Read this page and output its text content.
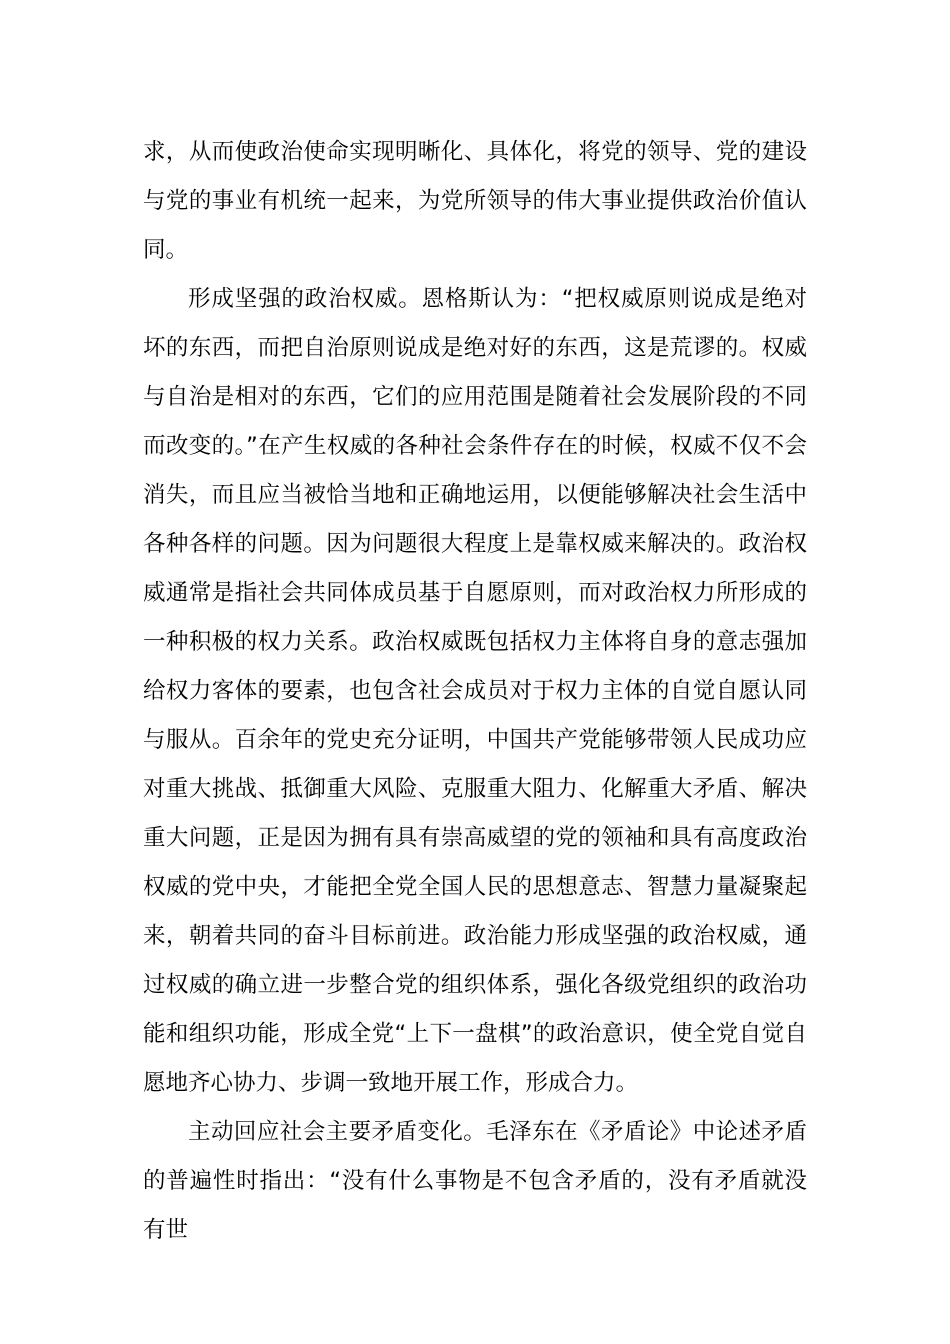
求，从而使政治使命实现明晰化、具体化，将党的领导、党的建设与党的事业有机统一起来，为党所领导的伟大事业提供政治价值认同。

形成坚强的政治权威。恩格斯认为：“把权威原则说成是绝对坏的东西，而把自治原则说成是绝对好的东西，这是荒谬的。权威与自治是相对的东西，它们的应用范围是随着社会发展阶段的不同而改变的。”在产生权威的各种社会条件存在的时候，权威不仅不会消失，而且应当被恰当地和正确地运用，以便能够解决社会生活中各种各样的问题。因为问题很大程度上是靠权威来解决的。政治权威通常是指社会共同体成员基于自愿原则，而对政治权力所形成的一种积极的权力关系。政治权威既包括权力主体将自身的意志强加给权力客体的要素，也包含社会成员对于权力主体的自觉自愿认同与服从。百余年的党史充分证明，中国共产党能够带领人民成功应对重大挑战、抵御重大风险、克服重大阻力、化解重大矛盾、解决重大问题，正是因为拥有具有崇高威望的党的领袖和具有高度政治权威的党中央，才能把全党全国人民的思想意志、智慧力量凝聚起来，朝着共同的奋斗目标前进。政治能力形成坚强的政治权威，通过权威的确立进一步整合党的组织体系，强化各级党组织的政治功能和组织功能，形成全党“上下一盘棋”的政治意识，使全党自觉自愿地齐心协力、步调一致地开展工作，形成合力。

主动回应社会主要矛盾变化。毛泽东在《矛盾论》中论述矛盾的普遍性时指出：“没有什么事物是不包含矛盾的，没有矛盾就没有世
